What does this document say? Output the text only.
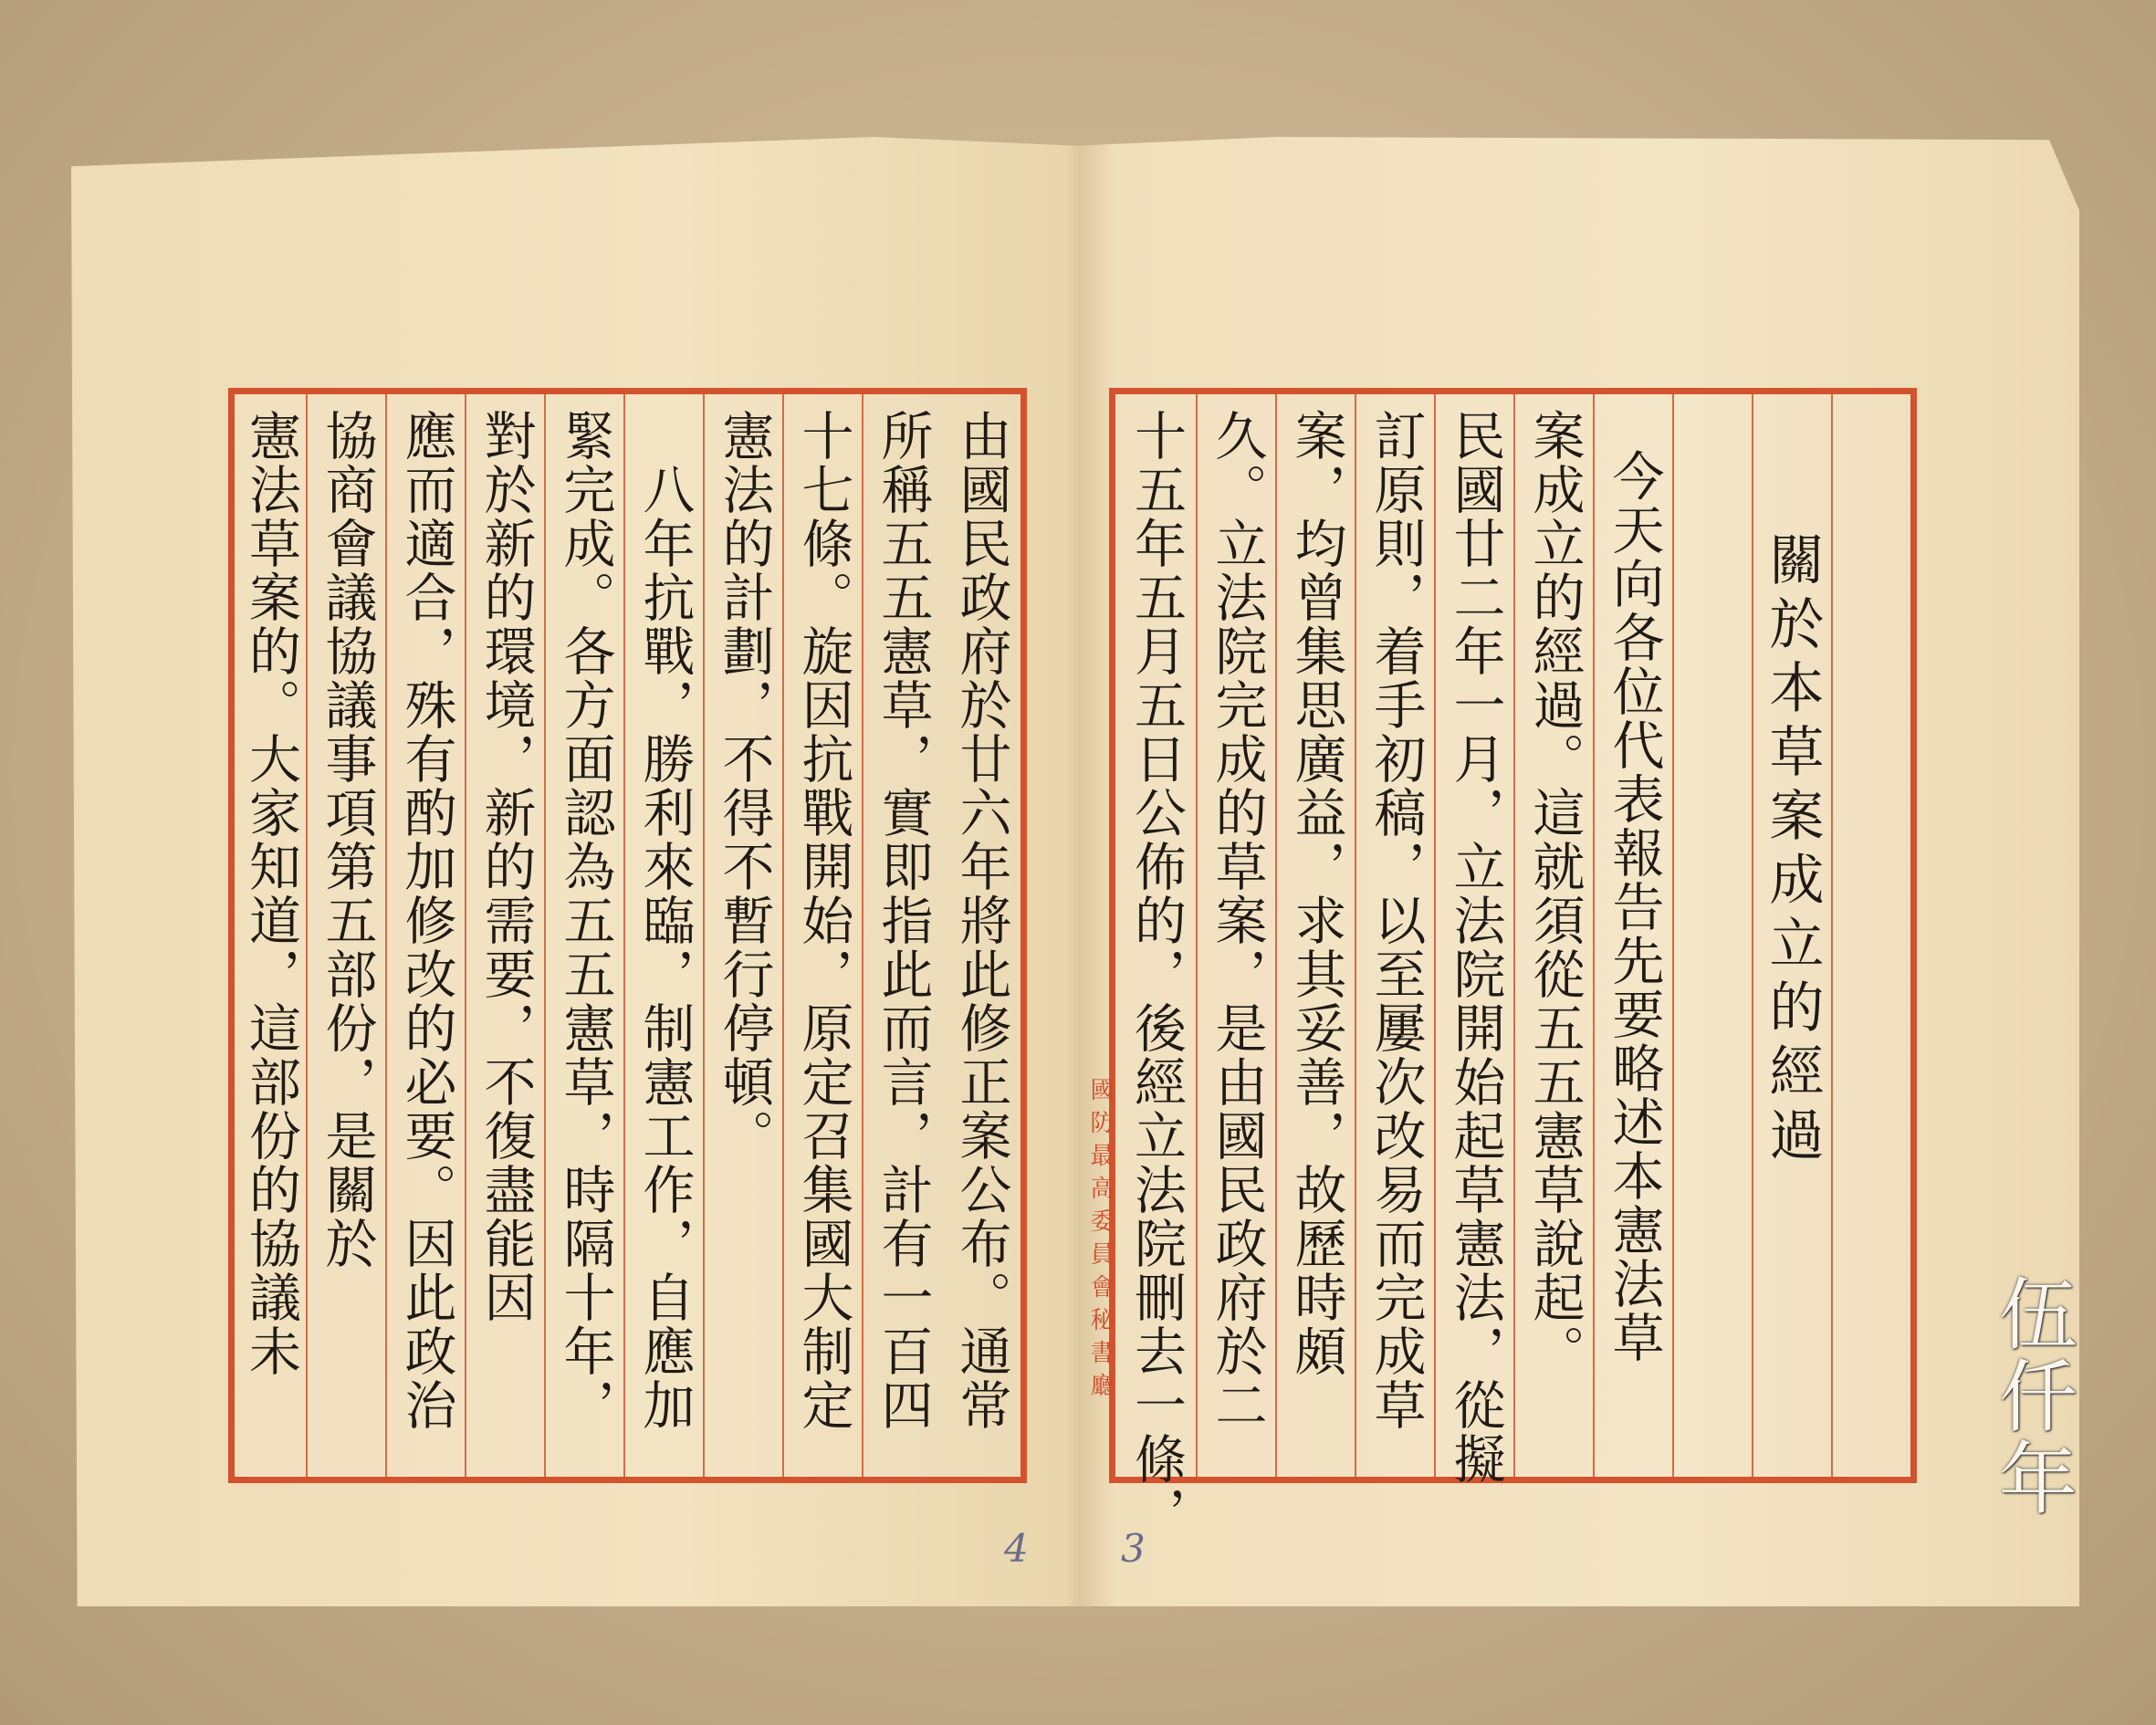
由國民政府於廿六年將此修正案公布。通常
所稱五五憲草，實即指此而言，計有一百四
十七條。旋因抗戰開始，原定召集國大制定
憲法的計劃，不得不暫行停頓。
　八年抗戰，勝利來臨，制憲工作，自應加
緊完成。各方面認為五五憲草，時隔十年，
對於新的環境，新的需要，不復盡能因
應而適合，殊有酌加修改的必要。因此政治
協商會議協議事項第五部份，是關於
憲法草案的。大家知道，這部份的協議未	關於本草案成立的經過
今天向各位代表報告先要略述本憲法草
案成立的經過。這就須從五五憲草說起。
民國廿二年一月，立法院開始起草憲法，從擬
訂原則，着手初稿，以至屢次改易而完成草
案，均曾集思廣益，求其妥善，故歷時頗
久。立法院完成的草案，是由國民政府於二
十五年五月五日公佈的，後經立法院刪去一條，
國防最高委員會秘書廳
4 3
伍仟年
